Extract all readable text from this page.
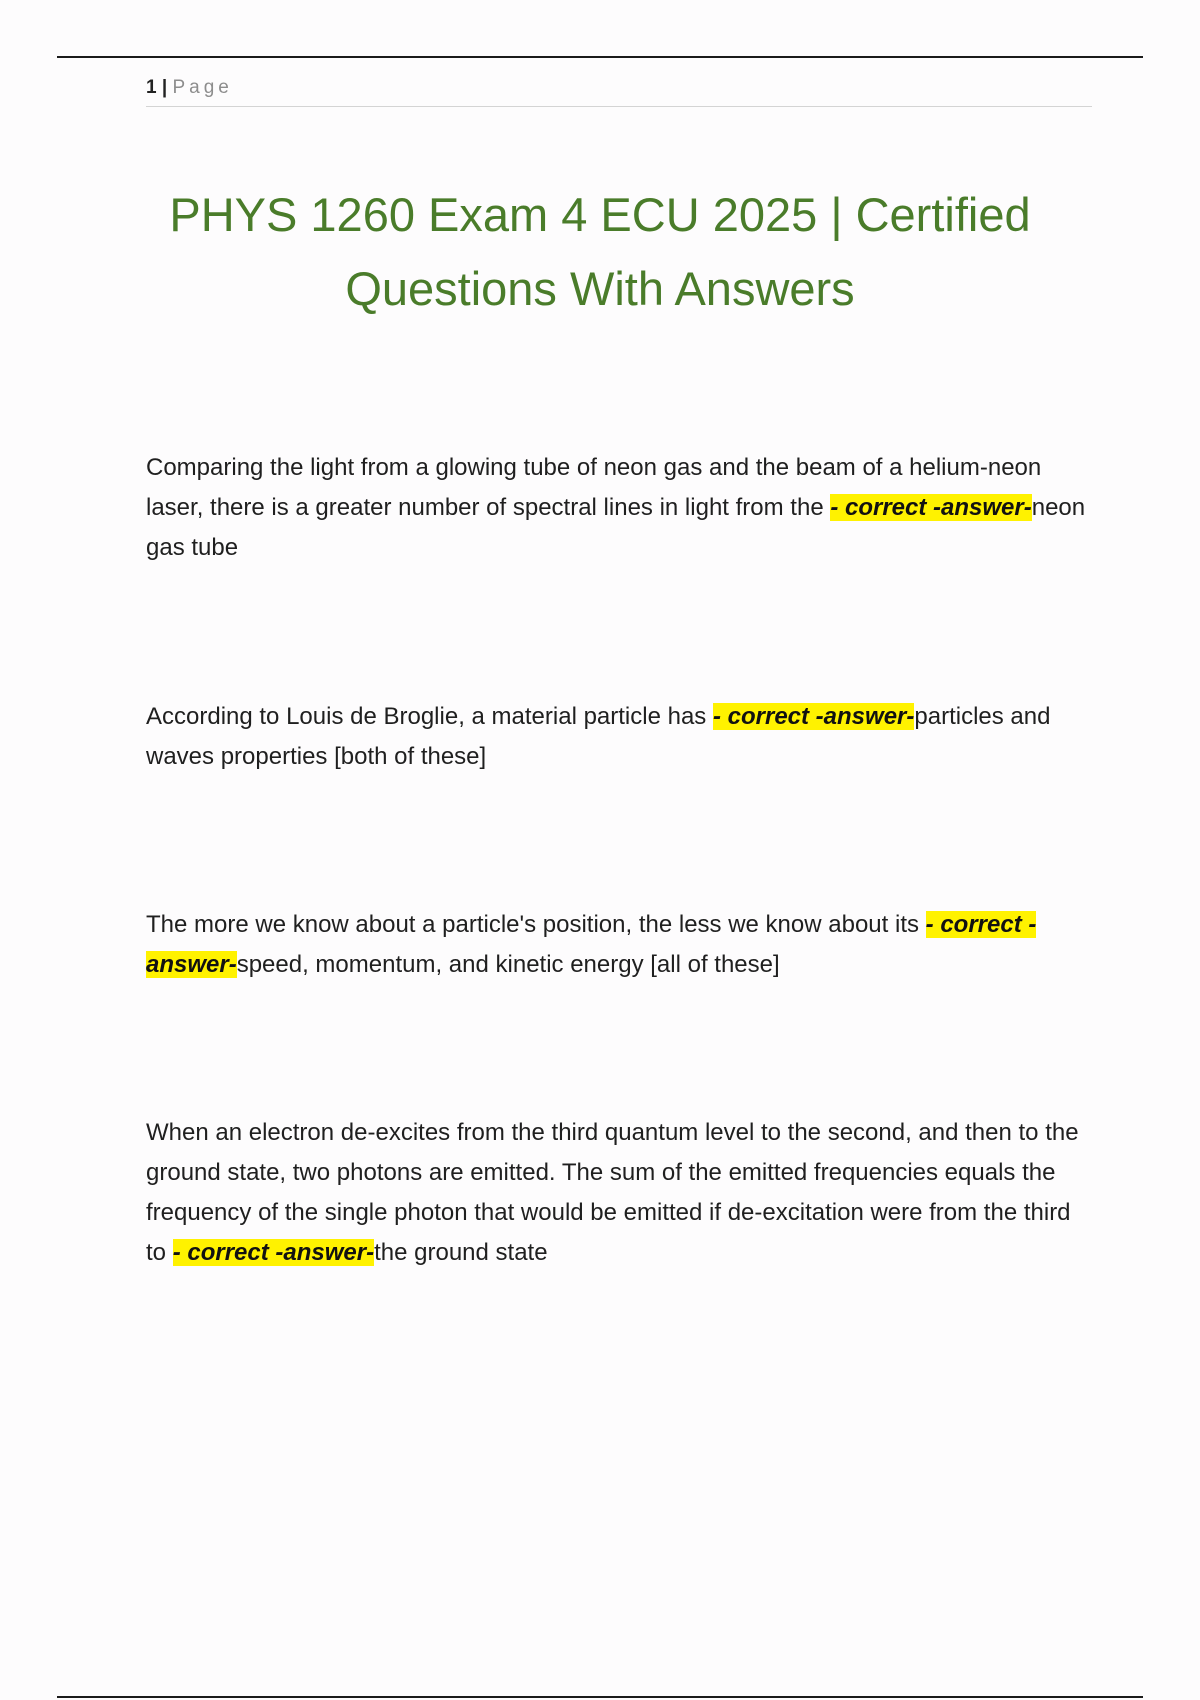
1 | Page
PHYS 1260 Exam 4 ECU 2025 | Certified Questions With Answers

Comparing the light from a glowing tube of neon gas and the beam of a helium-neon laser, there is a greater number of spectral lines in light from the - correct -answer-neon gas tube

According to Louis de Broglie, a material particle has - correct -answer-particles and waves properties [both of these]

The more we know about a particle's position, the less we know about its - correct -answer-speed, momentum, and kinetic energy [all of these]

When an electron de-excites from the third quantum level to the second, and then to the ground state, two photons are emitted. The sum of the emitted frequencies equals the frequency of the single photon that would be emitted if de-excitation were from the third to - correct -answer-the ground state
